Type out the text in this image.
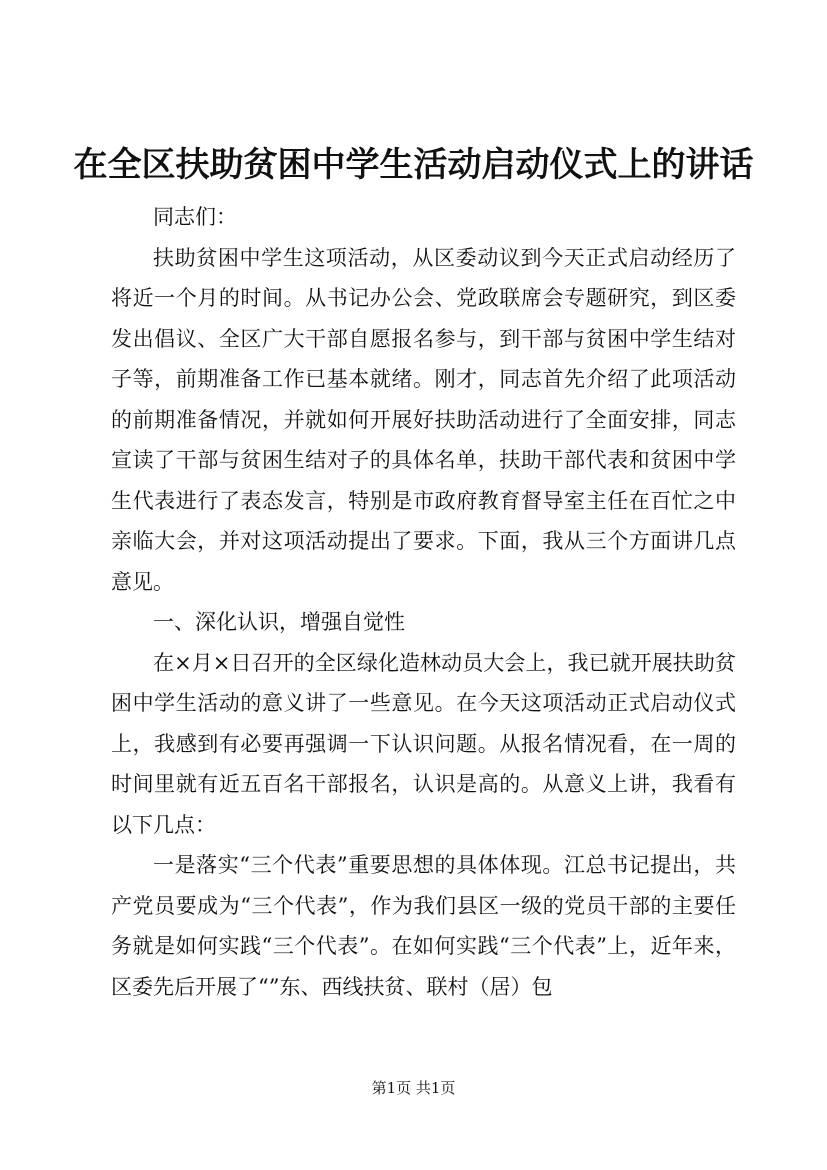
在全区扶助贫困中学生活动启动仪式上的讲话

同志们：

扶助贫困中学生这项活动，从区委动议到今天正式启动经历了将近一个月的时间。从书记办公会、党政联席会专题研究，到区委发出倡议、全区广大干部自愿报名参与，到干部与贫困中学生结对子等，前期准备工作已基本就绪。刚才，同志首先介绍了此项活动的前期准备情况，并就如何开展好扶助活动进行了全面安排，同志宣读了干部与贫困生结对子的具体名单，扶助干部代表和贫困中学生代表进行了表态发言，特别是市政府教育督导室主任在百忙之中亲临大会，并对这项活动提出了要求。下面，我从三个方面讲几点意见。

一、深化认识，增强自觉性

在×月×日召开的全区绿化造林动员大会上，我已就开展扶助贫困中学生活动的意义讲了一些意见。在今天这项活动正式启动仪式上，我感到有必要再强调一下认识问题。从报名情况看，在一周的时间里就有近五百名干部报名，认识是高的。从意义上讲，我看有以下几点：

一是落实“三个代表”重要思想的具体体现。江总书记提出，共产党员要成为“三个代表”，作为我们县区一级的党员干部的主要任务就是如何实践“三个代表”。在如何实践“三个代表”上，近年来，区委先后开展了“”东、西线扶贫、联村（居）包

第1页 共1页
